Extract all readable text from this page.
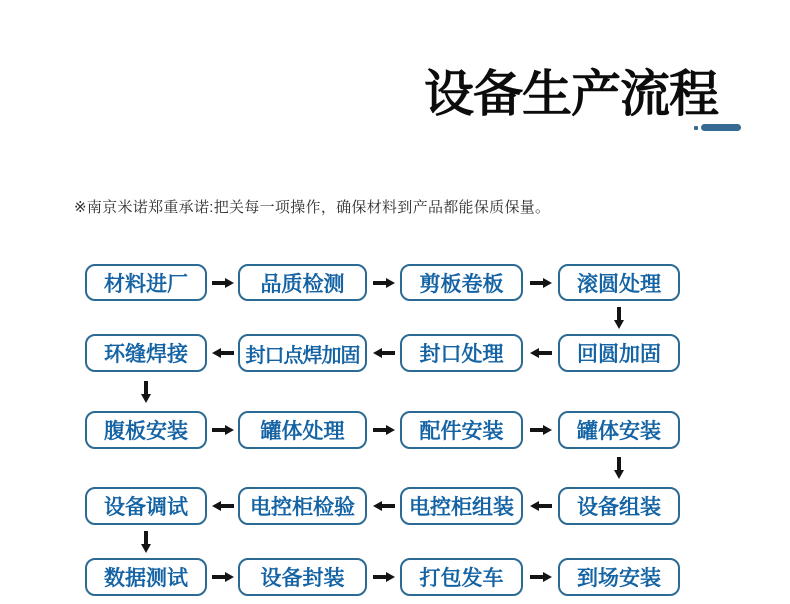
设备生产流程

※南京米诺郑重承诺:把关每一项操作，确保材料到产品都能保质保量。

材料进厂	品质检测	剪板卷板	滚圆处理
环缝焊接	封口点焊加固	封口处理	回圆加固
腹板安装	罐体处理	配件安装	罐体安装
设备调试	电控柜检验	电控柜组装	设备组装
数据测试	设备封装	打包发车	到场安装
